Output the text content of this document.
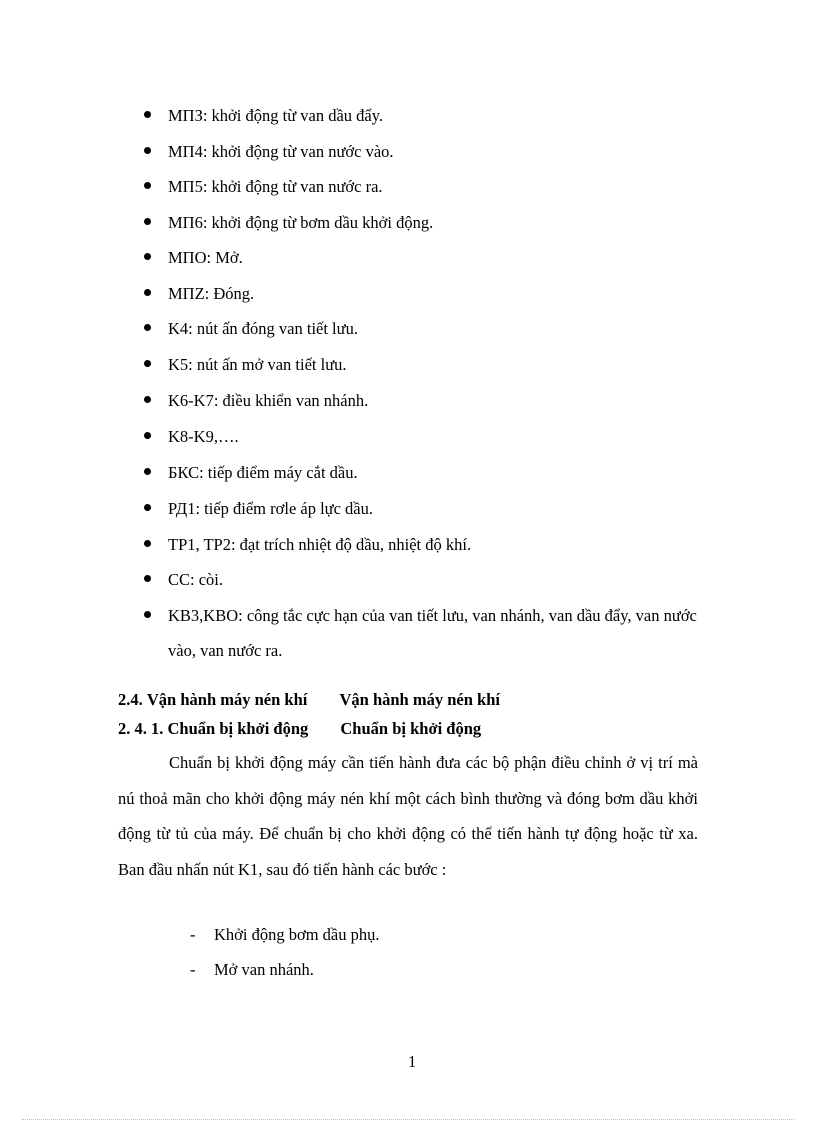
МПЗ: khởi động từ van dầu đẩy.
МП4: khởi động từ van nước vào.
МП5: khởi động từ van nước ra.
МП6: khởi động từ bơm dầu khởi động.
МПО: Mở.
МПZ: Đóng.
K4: nút ấn đóng van tiết lưu.
K5: nút ấn mở van tiết lưu.
K6-K7: điều khiển van nhánh.
K8-K9,….
БКС: tiếp điểm máy cắt dầu.
РД1: tiếp điểm rơle áp lực dầu.
TP1, TP2: đạt trích nhiệt độ dầu, nhiệt độ khí.
CC: còi.
KB3,KBO: công tắc cực hạn của van tiết lưu, van nhánh, van dầu đẩy, van nước vào, van nước ra.
2.4. Vận hành máy nén khí Vận hành máy nén khí
2. 4. 1. Chuẩn bị khởi động Chuẩn bị khởi động
Chuẩn bị khởi động máy cần tiến hành đưa các bộ phận điều chỉnh ở vị trí mà nú thoả mãn cho khởi động máy nén khí một cách bình thường và đóng bơm dầu khởi động từ tủ của máy. Để chuẩn bị cho khởi động có thể tiến hành tự động hoặc từ xa. Ban đầu nhấn nút K1, sau đó tiến hành các bước :
- Khởi động bơm dầu phụ.
- Mở van nhánh.
1
